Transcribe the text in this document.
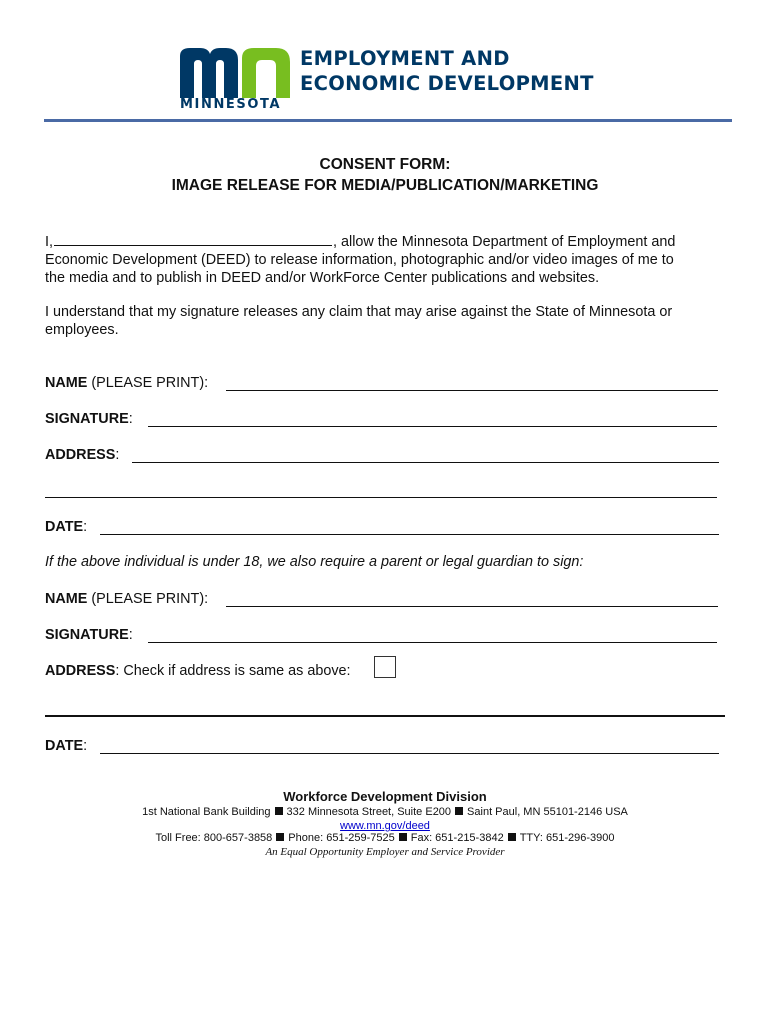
MINNESOTA
EMPLOYMENT AND
ECONOMIC DEVELOPMENT
CONSENT FORM:
IMAGE RELEASE FOR MEDIA/PUBLICATION/MARKETING
I,	, allow the Minnesota Department of Employment and
Economic Development (DEED) to release information, photographic and/or video images of me to
the media and to publish in DEED and/or WorkForce Center publications and websites.
I understand that my signature releases any claim that may arise against the State of Minnesota or employees.
NAME (PLEASE PRINT):
SIGNATURE:
ADDRESS:
DATE:
If the above individual is under 18, we also require a parent or legal guardian to sign:
NAME (PLEASE PRINT):
SIGNATURE:
ADDRESS: Check if address is same as above:
DATE:
Workforce Development Division
1st National Bank Building 332 Minnesota Street, Suite E200 Saint Paul, MN 55101-2146 USA
www.mn.gov/deed
Toll Free: 800-657-3858 Phone: 651-259-7525 Fax: 651-215-3842 TTY: 651-296-3900
An Equal Opportunity Employer and Service Provider
